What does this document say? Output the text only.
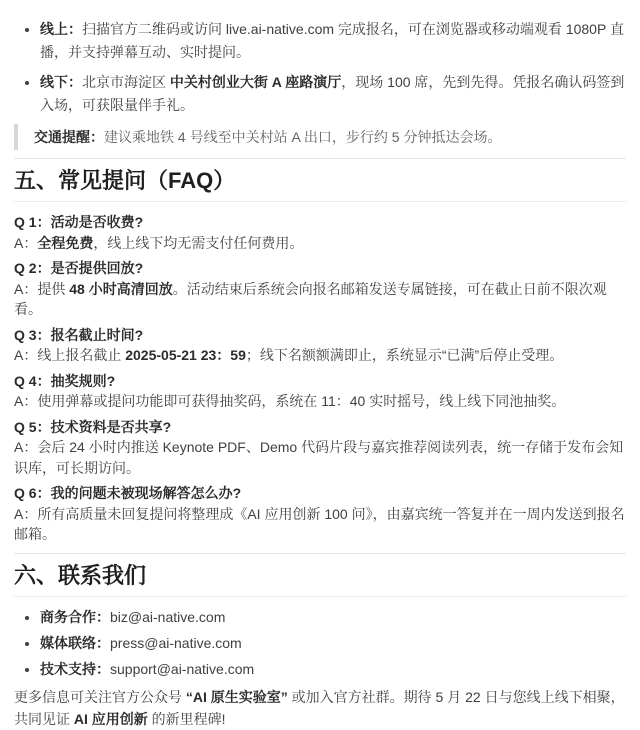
• 线上：扫描官方二维码或访问 live.ai-native.com 完成报名，可在浏览器或移动端观看 1080P 直播，并支持弹幕互动、实时提问。
• 线下：北京市海淀区 中关村创业大街 A 座路演厅，现场 100 席，先到先得。凭报名确认码签到入场，可获限量伴手礼。
交通提醒：建议乘地铁 4 号线至中关村站 A 出口，步行约 5 分钟抵达会场。
五、常见提问（FAQ）

Q 1：活动是否收费?
A：全程免费，线上线下均无需支付任何费用。

Q 2：是否提供回放?
A：提供 48 小时高清回放。活动结束后系统会向报名邮箱发送专属链接，可在截止日前不限次观看。

Q 3：报名截止时间?
A：线上报名截止 2025-05-21 23：59；线下名额额满即止，系统显示“已满”后停止受理。

Q 4：抽奖规则?
A：使用弹幕或提问功能即可获得抽奖码，系统在 11：40 实时摇号，线上线下同池抽奖。

Q 5：技术资料是否共享?
A：会后 24 小时内推送 Keynote PDF、Demo 代码片段与嘉宾推荐阅读列表，统一存储于发布会知识库，可长期访问。

Q 6：我的问题未被现场解答怎么办?
A：所有高质量未回复提问将整理成《AI 应用创新 100 问》，由嘉宾统一答复并在一周内发送到报名邮箱。

六、联系我们
• 商务合作：biz@ai-native.com
• 媒体联络：press@ai-native.com
• 技术支持：support@ai-native.com

更多信息可关注官方公众号 “AI 原生实验室” 或加入官方社群。期待 5 月 22 日与您线上线下相聚，共同见证 AI 应用创新 的新里程碑!
